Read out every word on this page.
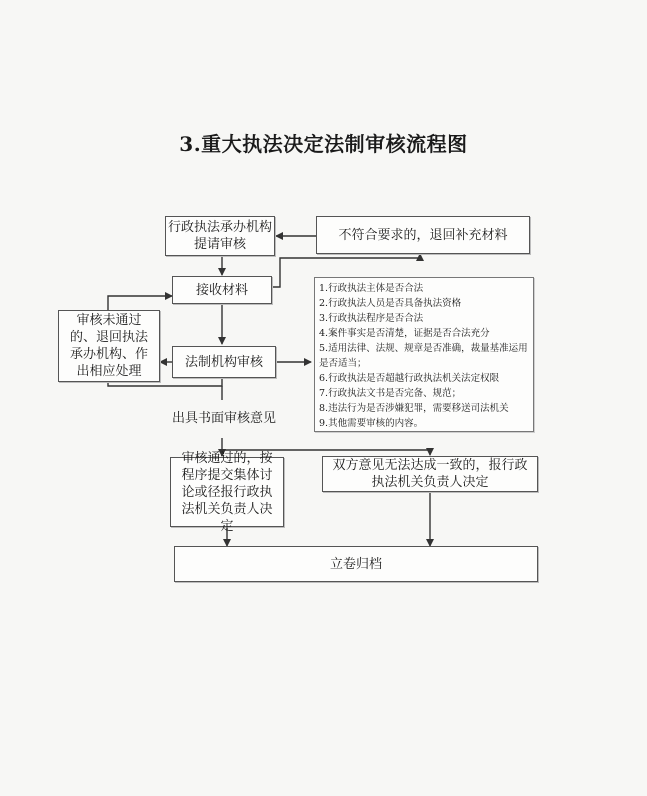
3.重大执法决定法制审核流程图
行政执法承办机构提请审核
不符合要求的，退回补充材料
接收材料
审核未通过的、退回执法承办机构、作出相应处理
法制机构审核
1.行政执法主体是否合法
2.行政执法人员是否具备执法资格
3.行政执法程序是否合法
4.案件事实是否清楚，证据是否合法充分
5.适用法律、法规、规章是否准确，裁量基准运用是否适当；
6.行政执法是否超越行政执法机关法定权限
7.行政执法文书是否完备、规范；
8.违法行为是否涉嫌犯罪，需要移送司法机关
9.其他需要审核的内容。
出具书面审核意见
审核通过的，按程序提交集体讨论或径报行政执法机关负责人决定
双方意见无法达成一致的，报行政执法机关负责人决定
立卷归档
